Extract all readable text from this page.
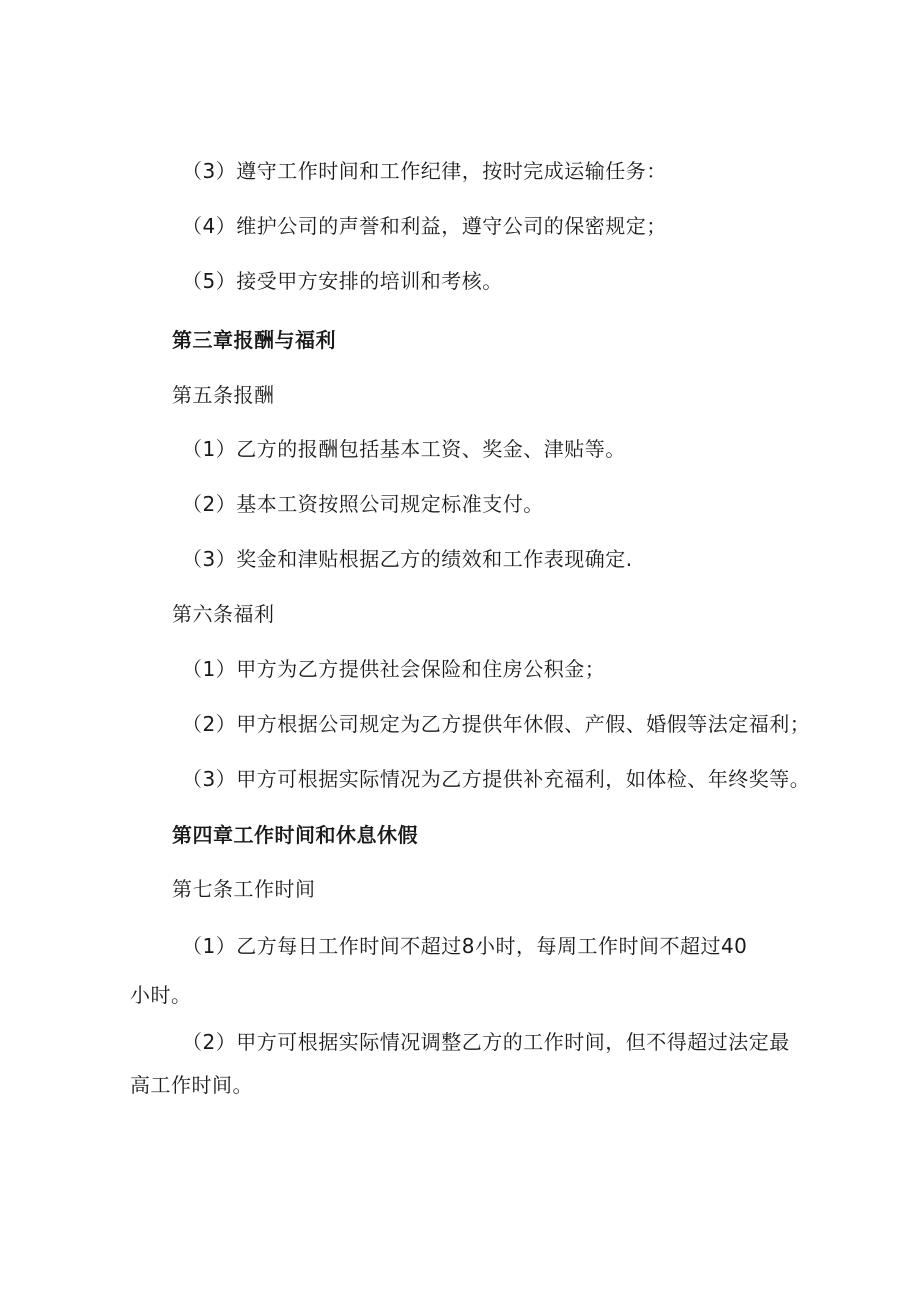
（3）遵守工作时间和工作纪律，按时完成运输任务：
（4）维护公司的声誉和利益，遵守公司的保密规定；
（5）接受甲方安排的培训和考核。
第三章报酬与福利
第五条报酬
（1）乙方的报酬包括基本工资、奖金、津贴等。
（2）基本工资按照公司规定标准支付。
（3）奖金和津贴根据乙方的绩效和工作表现确定.
第六条福利
（1）甲方为乙方提供社会保险和住房公积金；
（2）甲方根据公司规定为乙方提供年休假、产假、婚假等法定福利；
（3）甲方可根据实际情况为乙方提供补充福利，如体检、年终奖等。
第四章工作时间和休息休假
第七条工作时间
（1）乙方每日工作时间不超过8小时，每周工作时间不超过40
小时。
（2）甲方可根据实际情况调整乙方的工作时间，但不得超过法定最
高工作时间。
